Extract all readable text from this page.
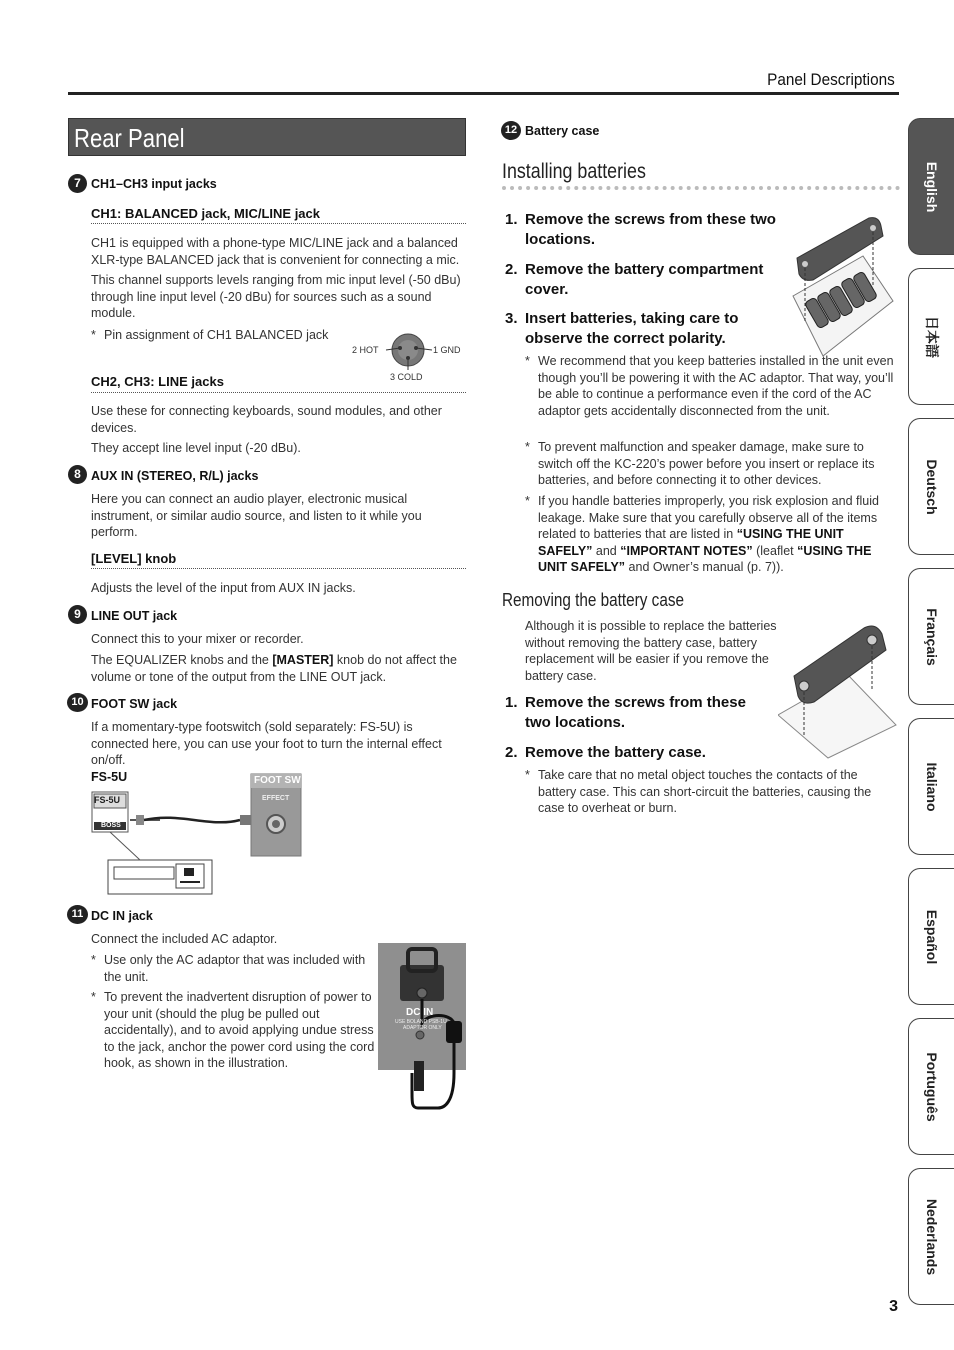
Panel Descriptions
Rear Panel
7 CH1–CH3 input jacks
CH1: BALANCED jack, MIC/LINE jack
CH1 is equipped with a phone-type MIC/LINE jack and a balanced XLR-type BALANCED jack that is convenient for connecting a mic.
This channel supports levels ranging from mic input level (-50 dBu) through line input level (-20 dBu) for sources such as a sound module.
* Pin assignment of CH1 BALANCED jack
2 HOT	1 GND
3 COLD
CH2, CH3: LINE jacks
Use these for connecting keyboards, sound modules, and other devices.
They accept line level input (-20 dBu).
8 AUX IN (STEREO, R/L) jacks
Here you can connect an audio player, electronic musical instrument, or similar audio source, and listen to it while you perform.
[LEVEL] knob
Adjusts the level of the input from AUX IN jacks.
9 LINE OUT jack
Connect this to your mixer or recorder.
The EQUALIZER knobs and the [MASTER] knob do not affect the volume or tone of the output from the LINE OUT jack.
10 FOOT SW jack
If a momentary-type footswitch (sold separately: FS-5U) is connected here, you can use your foot to turn the internal effect on/off.
FS-5U
FS-5U
BOSS
FOOT SW
EFFECT
11 DC IN jack
Connect the included AC adaptor.
* Use only the AC adaptor that was included with the unit.
* To prevent the inadvertent disruption of power to your unit (should the plug be pulled out accidentally), and to avoid applying undue stress to the jack, anchor the power cord using the cord hook, as shown in the illustration.
DC IN
USE BOLAND PSB-1U
ADAPTOR ONLY
12 Battery case
Installing batteries
1. Remove the screws from these two locations.
2. Remove the battery compartment cover.
3. Insert batteries, taking care to observe the correct polarity.
* We recommend that you keep batteries installed in the unit even though you’ll be powering it with the AC adaptor. That way, you’ll be able to continue a performance even if the cord of the AC adaptor gets accidentally disconnected from the unit.
* To prevent malfunction and speaker damage, make sure to switch off the KC-220’s power before you insert or replace its batteries, and before connecting it to other devices.
* If you handle batteries improperly, you risk explosion and fluid leakage. Make sure that you carefully observe all of the items related to batteries that are listed in “USING THE UNIT SAFELY” and “IMPORTANT NOTES” (leaflet “USING THE UNIT SAFELY” and Owner’s manual (p. 7)).
Removing the battery case
Although it is possible to replace the batteries without removing the battery case, battery replacement will be easier if you remove the battery case.
1. Remove the screws from these two locations.
2. Remove the battery case.
* Take care that no metal object touches the contacts of the battery case. This can short-circuit the batteries, causing the case to overheat or burn.
English
日本語
Deutsch
Français
Italiano
Español
Português
Nederlands
3
